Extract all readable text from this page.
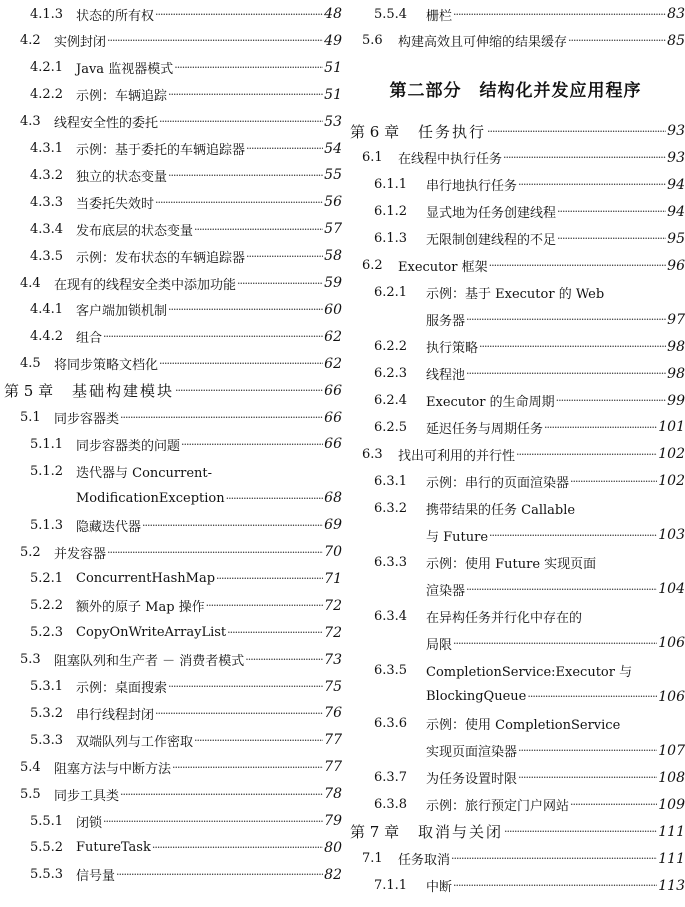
4.1.3 状态的所有权 ·····	48
4.2	实例封闭 ·····	49
4.2.1 Java 监视器模式 ·····	51
4.2.2 示例：车辆追踪 ·····	51
4.3	线程安全性的委托 ·····	53
4.3.1 示例：基于委托的车辆追踪器 ·····	54
4.3.2 独立的状态变量 ·····	55
4.3.3 当委托失效时 ·····	56
4.3.4 发布底层的状态变量 ·····	57
4.3.5 示例：发布状态的车辆追踪器 ·····	58
4.4	在现有的线程安全类中添加功能 ·····	59
4.4.1 客户端加锁机制 ·····	60
4.4.2 组合 ·····	62
4.5	将同步策略文档化 ·····	62
第 5 章	基础构建模块 ·····	66
5.1	同步容器类 ·····	66
5.1.1 同步容器类的问题 ·····	66
5.1.2 迭代器与 Concurrent-
ModificationException ·····	68
5.1.3 隐藏迭代器 ·····	69
5.2	并发容器 ·····	70
5.2.1 ConcurrentHashMap ·····	71
5.2.2 额外的原子 Map 操作 ·····	72
5.2.3 CopyOnWriteArrayList ·····	72
5.3	阻塞队列和生产者 － 消费者模式 ·····	73
5.3.1 示例：桌面搜索 ·····	75
5.3.2 串行线程封闭 ·····	76
5.3.3 双端队列与工作密取 ·····	77
5.4	阻塞方法与中断方法 ·····	77
5.5	同步工具类 ·····	78
5.5.1 闭锁 ·····	79
5.5.2 FutureTask ·····	80
5.5.3 信号量 ·····	82
第二部分　结构化并发应用程序
5.5.4	栅栏 ·····	83
5.6	构建高效且可伸缩的结果缓存 ·····	85
第 6 章	任务执行 ·····	93
6.1	在线程中执行任务 ·····	93
6.1.1	串行地执行任务 ·····	94
6.1.2	显式地为任务创建线程 ·····	94
6.1.3	无限制创建线程的不足 ·····	95
6.2	Executor 框架 ·····	96
6.2.1	示例：基于 Executor 的 Web
服务器 ·····	97
6.2.2	执行策略 ·····	98
6.2.3	线程池 ·····	98
6.2.4	Executor 的生命周期 ·····	99
6.2.5	延迟任务与周期任务 ·····	101
6.3	找出可利用的并行性 ·····	102
6.3.1	示例：串行的页面渲染器 ·····	102
6.3.2	携带结果的任务 Callable
与 Future ·····	103
6.3.3	示例：使用 Future 实现页面
渲染器 ·····	104
6.3.4	在异构任务并行化中存在的
局限 ·····	106
6.3.5	CompletionService:Executor 与
BlockingQueue ·····	106
6.3.6	示例：使用 CompletionService
实现页面渲染器 ·····	107
6.3.7	为任务设置时限 ·····	108
6.3.8	示例：旅行预定门户网站 ·····	109
第 7 章	取消与关闭 ·····	111
7.1	任务取消 ·····	111
7.1.1	中断 ·····	113
